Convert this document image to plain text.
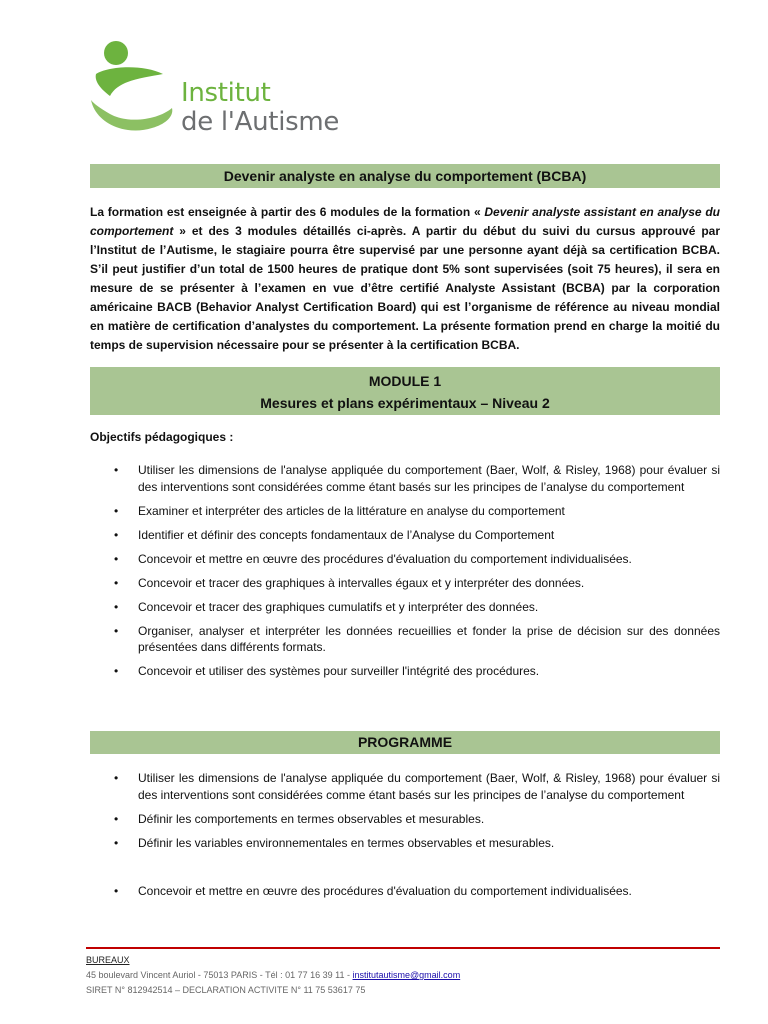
Institut
de l'Autisme
Devenir analyste en analyse du comportement (BCBA)
La formation est enseignée à partir des 6 modules de la formation « Devenir analyste assistant en analyse du comportement » et des 3 modules détaillés ci-après. A partir du début du suivi du cursus approuvé par l’Institut de l’Autisme, le stagiaire pourra être supervisé par une personne ayant déjà sa certification BCBA. S’il peut justifier d’un total de 1500 heures de pratique dont 5% sont supervisées (soit 75 heures), il sera en mesure de se présenter à l’examen en vue d’être certifié Analyste Assistant (BCBA) par la corporation américaine BACB (Behavior Analyst Certification Board) qui est l’organisme de référence au niveau mondial en matière de certification d’analystes du comportement. La présente formation prend en charge la moitié du temps de supervision nécessaire pour se présenter à la certification BCBA.
MODULE 1
Mesures et plans expérimentaux – Niveau 2
Objectifs pédagogiques :
• Utiliser les dimensions de l'analyse appliquée du comportement (Baer, Wolf, & Risley, 1968) pour évaluer si des interventions sont considérées comme étant basés sur les principes de l’analyse du comportement
• Examiner et interpréter des articles de la littérature en analyse du comportement
• Identifier et définir des concepts fondamentaux de l’Analyse du Comportement
• Concevoir et mettre en œuvre des procédures d'évaluation du comportement individualisées.
• Concevoir et tracer des graphiques à intervalles égaux et y interpréter des données.
• Concevoir et tracer des graphiques cumulatifs et y interpréter des données.
• Organiser, analyser et interpréter les données recueillies et fonder la prise de décision sur des données présentées dans différents formats.
• Concevoir et utiliser des systèmes pour surveiller l'intégrité des procédures.
PROGRAMME
• Utiliser les dimensions de l'analyse appliquée du comportement (Baer, Wolf, & Risley, 1968) pour évaluer si des interventions sont considérées comme étant basés sur les principes de l’analyse du comportement
• Définir les comportements en termes observables et mesurables.
• Définir les variables environnementales en termes observables et mesurables.
• Concevoir et mettre en œuvre des procédures d'évaluation du comportement individualisées.
BUREAUX
45 boulevard Vincent Auriol - 75013 PARIS - Tél : 01 77 16 39 11 - institutautisme@gmail.com
SIRET N° 812942514 – DECLARATION ACTIVITE N° 11 75 53617 75
